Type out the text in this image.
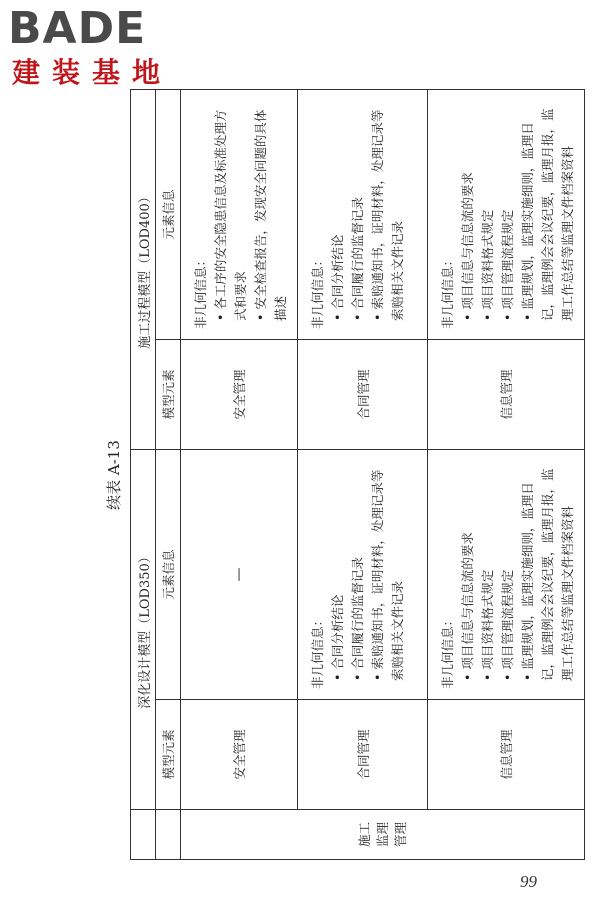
BADE
建装基地
续表 A-13
	深化设计模型（LOD350）		施工过程模型（LOD400）	
	模型元素	元素信息	模型元素	元素信息
施工监理管理	安全管理	—	安全管理	非几何信息： • 各工序的安全隐患信息及标准处理方式和要求 • 安全检查报告，发现安全问题的具体描述

	合同管理	非几何信息： • 合同分析结论 • 合同履行的监督记录 • 索赔通知书，证明材料，处理记录等索赔相关文件记录	合同管理	非几何信息： • 合同分析结论 • 合同履行的监督记录 • 索赔通知书，证明材料，处理记录等索赔相关文件记录

	信息管理	非几何信息： • 项目信息与信息流的要求 • 项目资料格式规定 • 项目管理流程规定 • 监理规划，监理实施细则，监理日记，监理例会会议纪要，监理月报，监理工作总结等监理文件档案资料	信息管理	非几何信息： • 项目信息与信息流的要求 • 项目资料格式规定 • 项目管理流程规定 • 监理规划，监理实施细则，监理日记，监理例会会议纪要，监理月报，监理工作总结等监理文件档案资料
99
